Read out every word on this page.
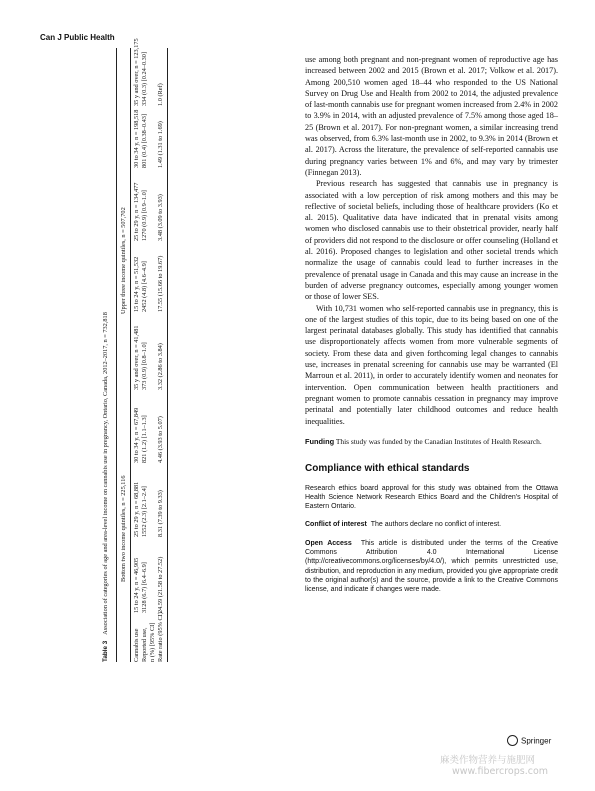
Can J Public Health
Table 3Association of categories of age and area-level income on cannabis use in pregnancy, Ontario, Canada, 2012–2017, n = 732,818 Bottom two income quintiles, n = 225,116
Upper three income quintiles, n = 507,702
Cannabis use
15 to 24 y, n = 46,905
25 to 29 y, n = 68,881
30 to 34 y, n = 67,849
35 y and over, n = 41,481
15 to 24 y, n = 51,532
25 to 29 y, n = 134,477
30 to 34 y, n = 198,518
35 y and over, n = 123,175
Reported use,
3128 (6.7) [6.4–6.9]
1552 (2.3) [2.1–2.4]
821 (1.2) [1.1–1.3]
373 (0.9) [0.8–1.0]
2452 (4.8) [4.6–4.9]
1270 (0.9) [0.9–1.0]
801 (0.4) [0.38–0.43]
334 (0.3) [0.24–0.30]
n (%) [95% CI] Rate ratio (95% CI)
24.59 (21.58 to 27.52)
8.31 (7.39 to 9.33)
4.46 (3.93 to 5.07)
3.32 (2.86 to 3.84)
17.55 (15.66 to 19.67)
3.48 (3.09 to 3.93)
1.49 (1.31 to 1.69)
1.0 (Ref)

use among both pregnant and non-pregnant women of reproductive age has increased between 2002 and 2015 (Brown et al. 2017; Volkow et al. 2017). Among 200,510 women aged 18–44 who responded to the US National Survey on Drug Use and Health from 2002 to 2014, the adjusted prevalence of last-month cannabis use for pregnant women increased from 2.4% in 2002 to 3.9% in 2014, with an adjusted prevalence of 7.5% among those aged 18–25 (Brown et al. 2017). For non-pregnant women, a similar increasing trend was observed, from 6.3% last-month use in 2002, to 9.3% in 2014 (Brown et al. 2017). Across the literature, the prevalence of self-reported cannabis use during pregnancy varies between 1% and 6%, and may vary by trimester (Finnegan 2013).

Previous research has suggested that cannabis use in pregnancy is associated with a low perception of risk among mothers and this may be reflective of societal beliefs, including those of healthcare providers (Ko et al. 2015). Qualitative data have indicated that in prenatal visits among women who disclosed cannabis use to their obstetrical provider, nearly half of providers did not respond to the disclosure or offer counseling (Holland et al. 2016). Proposed changes to legislation and other societal trends which normalize the usage of cannabis could lead to further increases in the prevalence of prenatal usage in Canada and this may cause an increase in the burden of adverse pregnancy outcomes, especially among younger women or those of lower SES.

With 10,731 women who self-reported cannabis use in pregnancy, this is one of the largest studies of this topic, due to its being based on one of the largest perinatal databases globally. This study has identified that cannabis use disproportionately affects women from more vulnerable segments of society. From these data and given forthcoming legal changes to cannabis use, increases in prenatal screening for cannabis use may be warranted (El Marroun et al. 2011), in order to accurately identify women and neonates for intervention. Open communication between health practitioners and pregnant women to promote cannabis cessation in pregnancy may improve perinatal and potentially later childhood outcomes and reduce health inequalities.

Funding This study was funded by the Canadian Institutes of Health Research.

Compliance with ethical standards

Research ethics board approval for this study was obtained from the Ottawa Health Science Network Research Ethics Board and the Children’s Hospital of Eastern Ontario.

Conflict of interest The authors declare no conflict of interest.

Open Access This article is distributed under the terms of the Creative Commons Attribution 4.0 International License (http://creativecommons.org/licenses/by/4.0/), which permits unrestricted use, distribution, and reproduction in any medium, provided you give appropriate credit to the original author(s) and the source, provide a link to the Creative Commons license, and indicate if changes were made.

Springer
麻类作物营养与施肥网
www.fibercrops.com
